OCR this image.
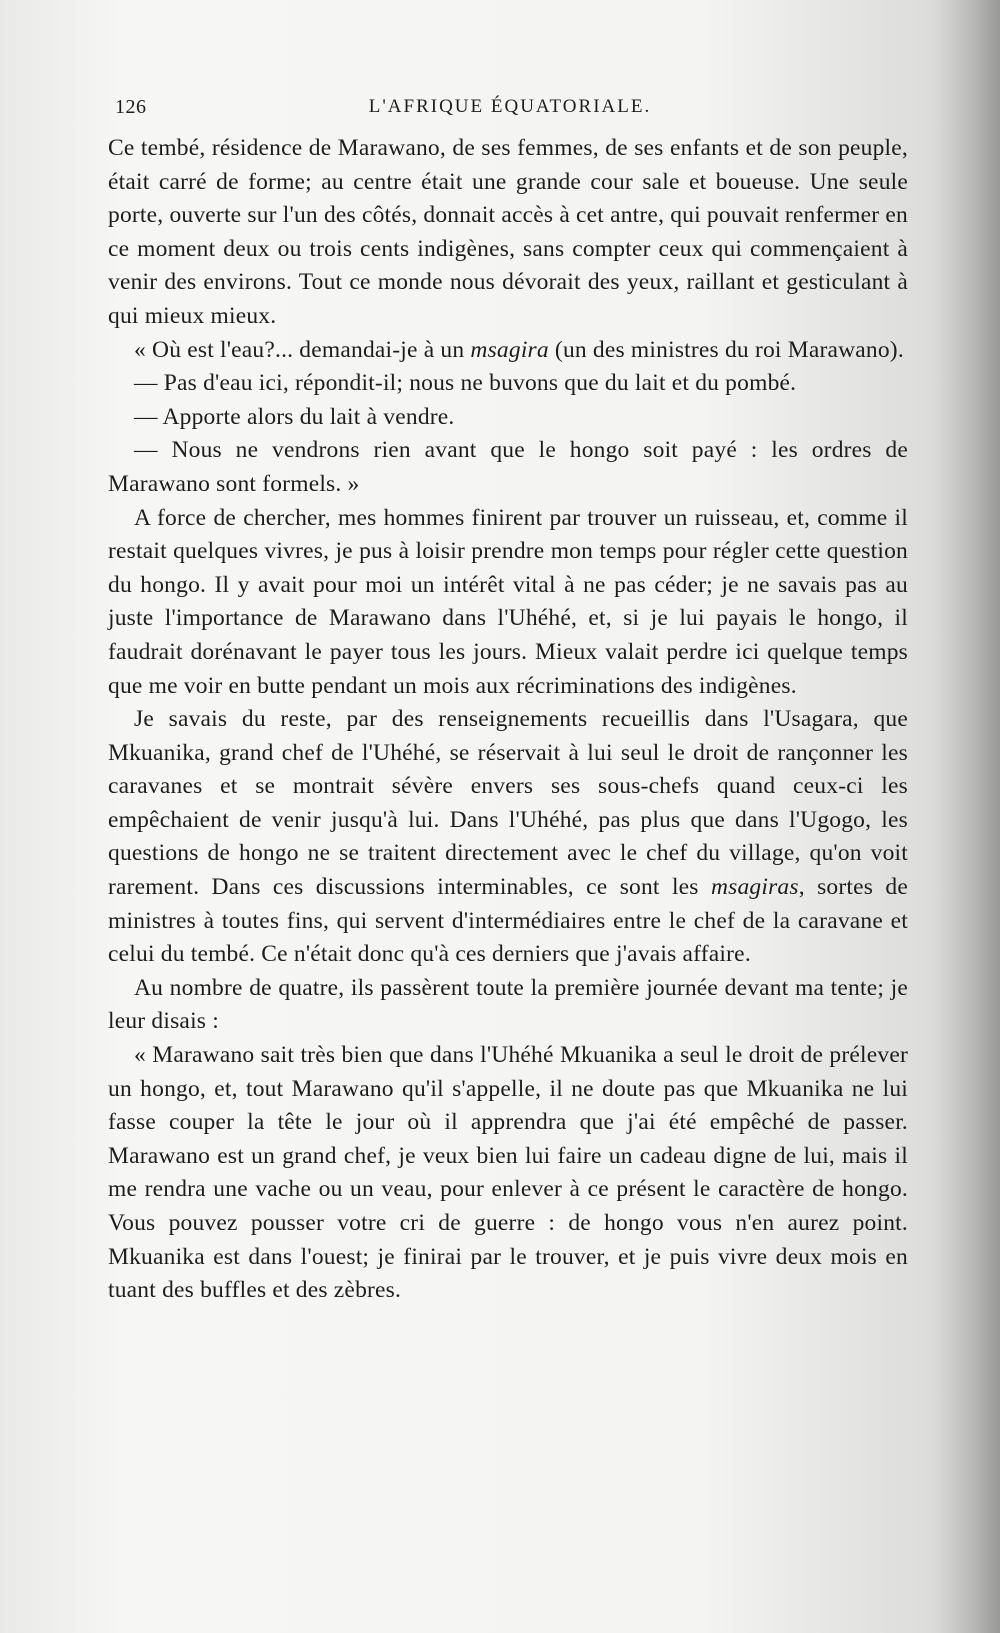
126	L'AFRIQUE ÉQUATORIALE.

Ce tembé, résidence de Marawano, de ses femmes, de ses enfants et de son peuple, était carré de forme; au centre était une grande cour sale et boueuse. Une seule porte, ouverte sur l'un des côtés, donnait accès à cet antre, qui pouvait renfermer en ce moment deux ou trois cents indigènes, sans compter ceux qui commençaient à venir des environs. Tout ce monde nous dévorait des yeux, raillant et gesticulant à qui mieux mieux.

« Où est l'eau?... demandai-je à un msagira (un des ministres du roi Marawano).

— Pas d'eau ici, répondit-il; nous ne buvons que du lait et du pombé.

— Apporte alors du lait à vendre.

— Nous ne vendrons rien avant que le hongo soit payé : les ordres de Marawano sont formels. »

A force de chercher, mes hommes finirent par trouver un ruisseau, et, comme il restait quelques vivres, je pus à loisir prendre mon temps pour régler cette question du hongo. Il y avait pour moi un intérêt vital à ne pas céder; je ne savais pas au juste l'importance de Marawano dans l'Uhéhé, et, si je lui payais le hongo, il faudrait dorénavant le payer tous les jours. Mieux valait perdre ici quelque temps que me voir en butte pendant un mois aux récriminations des indigènes.

Je savais du reste, par des renseignements recueillis dans l'Usagara, que Mkuanika, grand chef de l'Uhéhé, se réservait à lui seul le droit de rançonner les caravanes et se montrait sévère envers ses sous-chefs quand ceux-ci les empêchaient de venir jusqu'à lui. Dans l'Uhéhé, pas plus que dans l'Ugogo, les questions de hongo ne se traitent directement avec le chef du village, qu'on voit rarement. Dans ces discussions interminables, ce sont les msagiras, sortes de ministres à toutes fins, qui servent d'intermédiaires entre le chef de la caravane et celui du tembé. Ce n'était donc qu'à ces derniers que j'avais affaire.

Au nombre de quatre, ils passèrent toute la première journée devant ma tente; je leur disais :

« Marawano sait très bien que dans l'Uhéhé Mkuanika a seul le droit de prélever un hongo, et, tout Marawano qu'il s'appelle, il ne doute pas que Mkuanika ne lui fasse couper la tête le jour où il apprendra que j'ai été empêché de passer. Marawano est un grand chef, je veux bien lui faire un cadeau digne de lui, mais il me rendra une vache ou un veau, pour enlever à ce présent le caractère de hongo. Vous pouvez pousser votre cri de guerre : de hongo vous n'en aurez point. Mkuanika est dans l'ouest; je finirai par le trouver, et je puis vivre deux mois en tuant des buffles et des zèbres.
